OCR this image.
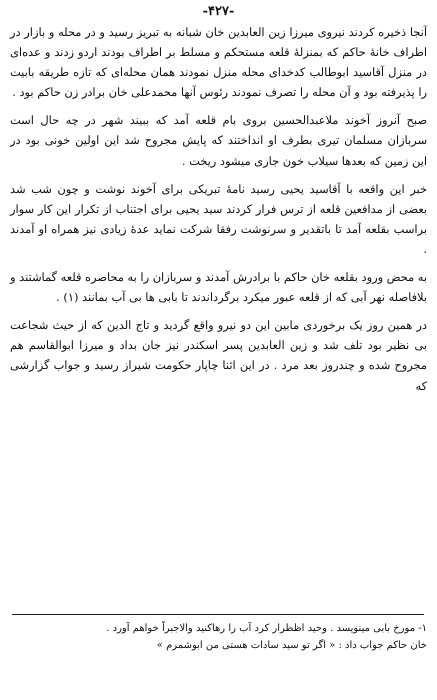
-۴۲۷-

آنجا ذخیره کردند نیروی میرزا زین العابدین خان شبانه به تبریز رسید و در محله و بازار در اطراف خانهٔ حاکم که بمنزلهٔ قلعه مستحکم و مسلط بر اطراف بودند اردو زدند و عده‌ای در منزل آقاسید ابوطالب کدخدای محله منزل نمودند همان محله‌ای که تازه طریقه بابیت را پذیرفته بود و آن محله را تصرف نمودند رئوس آنها محمدعلی خان برادر زن حاکم بود .

صبح آنروز آخوند ملاعبدالحسین بروی بام قلعه آمد که ببیند شهر در چه حال است سربازان مسلمان تیری بطرف او انداختند که پایش مجروح شد این اولین خونی بود در این زمین که بعدها سیلاب خون جاری میشود ریخت .

خبر این واقعه با آقاسید یحیی رسید نامهٔ تبریکی برای آخوند نوشت و چون شب شد بعضی از مدافعین قلعه از ترس فرار کردند سید یحیی برای اجتناب از تکرار این کار سوار براسب بقلعه آمد تا باتقدیر و سرنوشت رفقا شرکت نماید عدهٔ زیادی نیز همراه او آمدند .

به محض ورود بقلعه خان حاکم با برادرش آمدند و سربازان را به محاصره قلعه گماشتند و بلافاصله نهر آبی که از قلعه عبور میکرد برگرداندند تا بابی ها بی آب بمانند (۱) .

در همین روز یک برخوردی مابین این دو نیرو واقع گردید و تاج الدین که از حیث شجاعت بی نظیر بود تلف شد و زین العابدین پسر اسکندر نیز جان بداد و میرزا ابوالقاسم هم مجروح شده و چندروز بعد مرد . در این اثنا چاپار حکومت شیراز رسید و جواب گزارشی که

۱- مورخ بابی مینویسد . وحید اظطرار کرد آب را رهاکنید والاجبراً خواهم آورد .

خان حاکم جواب داد : « اگر تو سید سادات هستی من ابوشمرم »
